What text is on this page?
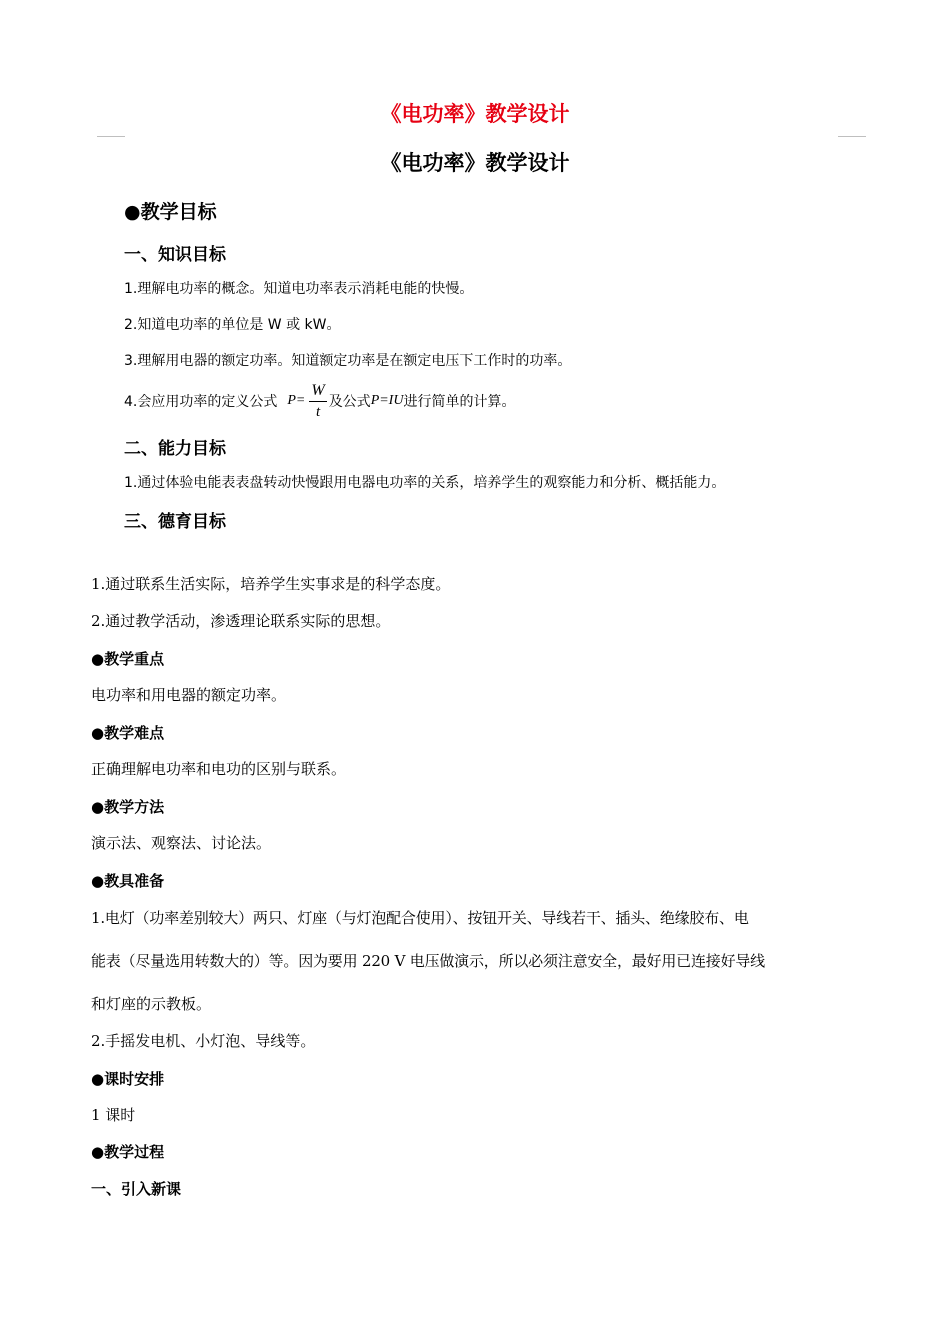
《电功率》教学设计
《电功率》教学设计
●教学目标
一、知识目标
1.理解电功率的概念。知道电功率表示消耗电能的快慢。
2.知道电功率的单位是 W 或 kW。
3.理解用电器的额定功率。知道额定功率是在额定电压下工作时的功率。
4.会应用功率的定义公式 $P= \frac{W}{t}$ 及公式 P=IU 进行简单的计算。
二、能力目标
1.通过体验电能表表盘转动快慢跟用电器电功率的关系，培养学生的观察能力和分析、概括能力。
三、德育目标
1.通过联系生活实际，培养学生实事求是的科学态度。
2.通过教学活动，渗透理论联系实际的思想。
●教学重点
电功率和用电器的额定功率。
●教学难点
正确理解电功率和电功的区别与联系。
●教学方法
演示法、观察法、讨论法。
●教具准备
1.电灯（功率差别较大）两只、灯座（与灯泡配合使用）、按钮开关、导线若干、插头、绝缘胶布、电
能表（尽量选用转数大的）等。因为要用 220 V 电压做演示，所以必须注意安全，最好用已连接好导线
和灯座的示教板。
2.手摇发电机、小灯泡、导线等。
●课时安排
1 课时
●教学过程
一、引入新课
